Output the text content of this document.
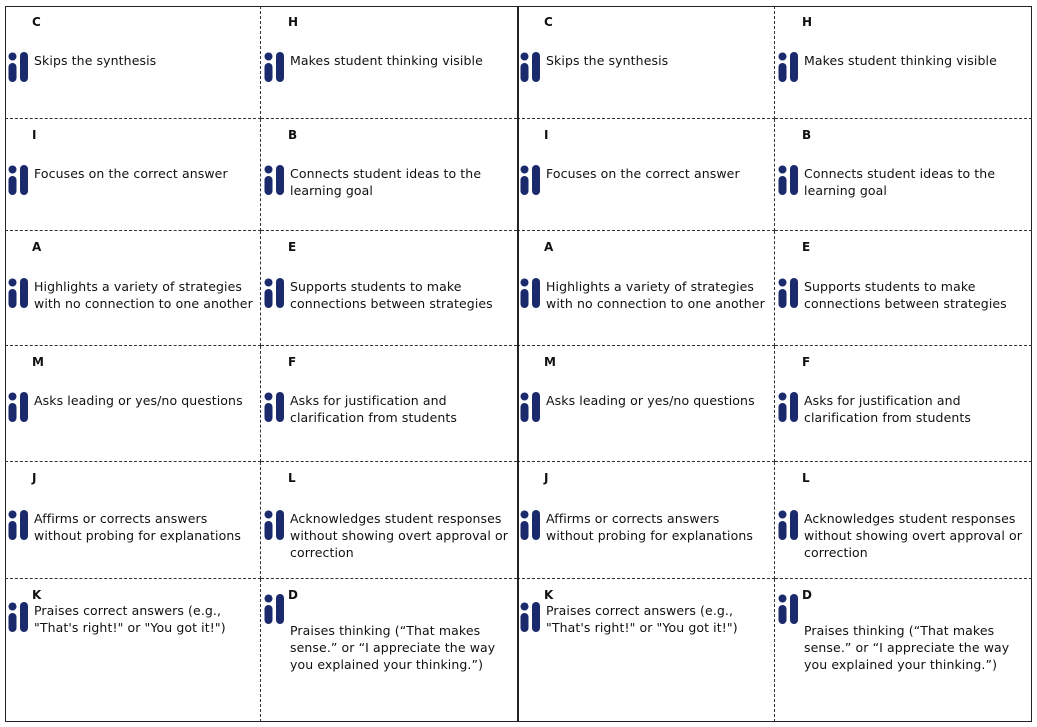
C
Skips the synthesis
H
Makes student thinking visible
C
Skips the synthesis
H
Makes student thinking visible
I
Focuses on the correct answer
B
Connects student ideas to the learning goal
I
Focuses on the correct answer
B
Connects student ideas to the learning goal
A
Highlights a variety of strategies with no connection to one another
E
Supports students to make connections between strategies
A
Highlights a variety of strategies with no connection to one another
E
Supports students to make connections between strategies
M
Asks leading or yes/no questions
F
Asks for justification and clarification from students
M
Asks leading or yes/no questions
F
Asks for justification and clarification from students
J
Affirms or corrects answers without probing for explanations
L
Acknowledges student responses without showing overt approval or correction
J
Affirms or corrects answers without probing for explanations
L
Acknowledges student responses without showing overt approval or correction
K
Praises correct answers (e.g., "That's right!" or "You got it!")
D
Praises thinking (“That makes sense.” or “I appreciate the way you explained your thinking.”)
K
Praises correct answers (e.g., "That's right!" or "You got it!")
D
Praises thinking (“That makes sense.” or “I appreciate the way you explained your thinking.”)
